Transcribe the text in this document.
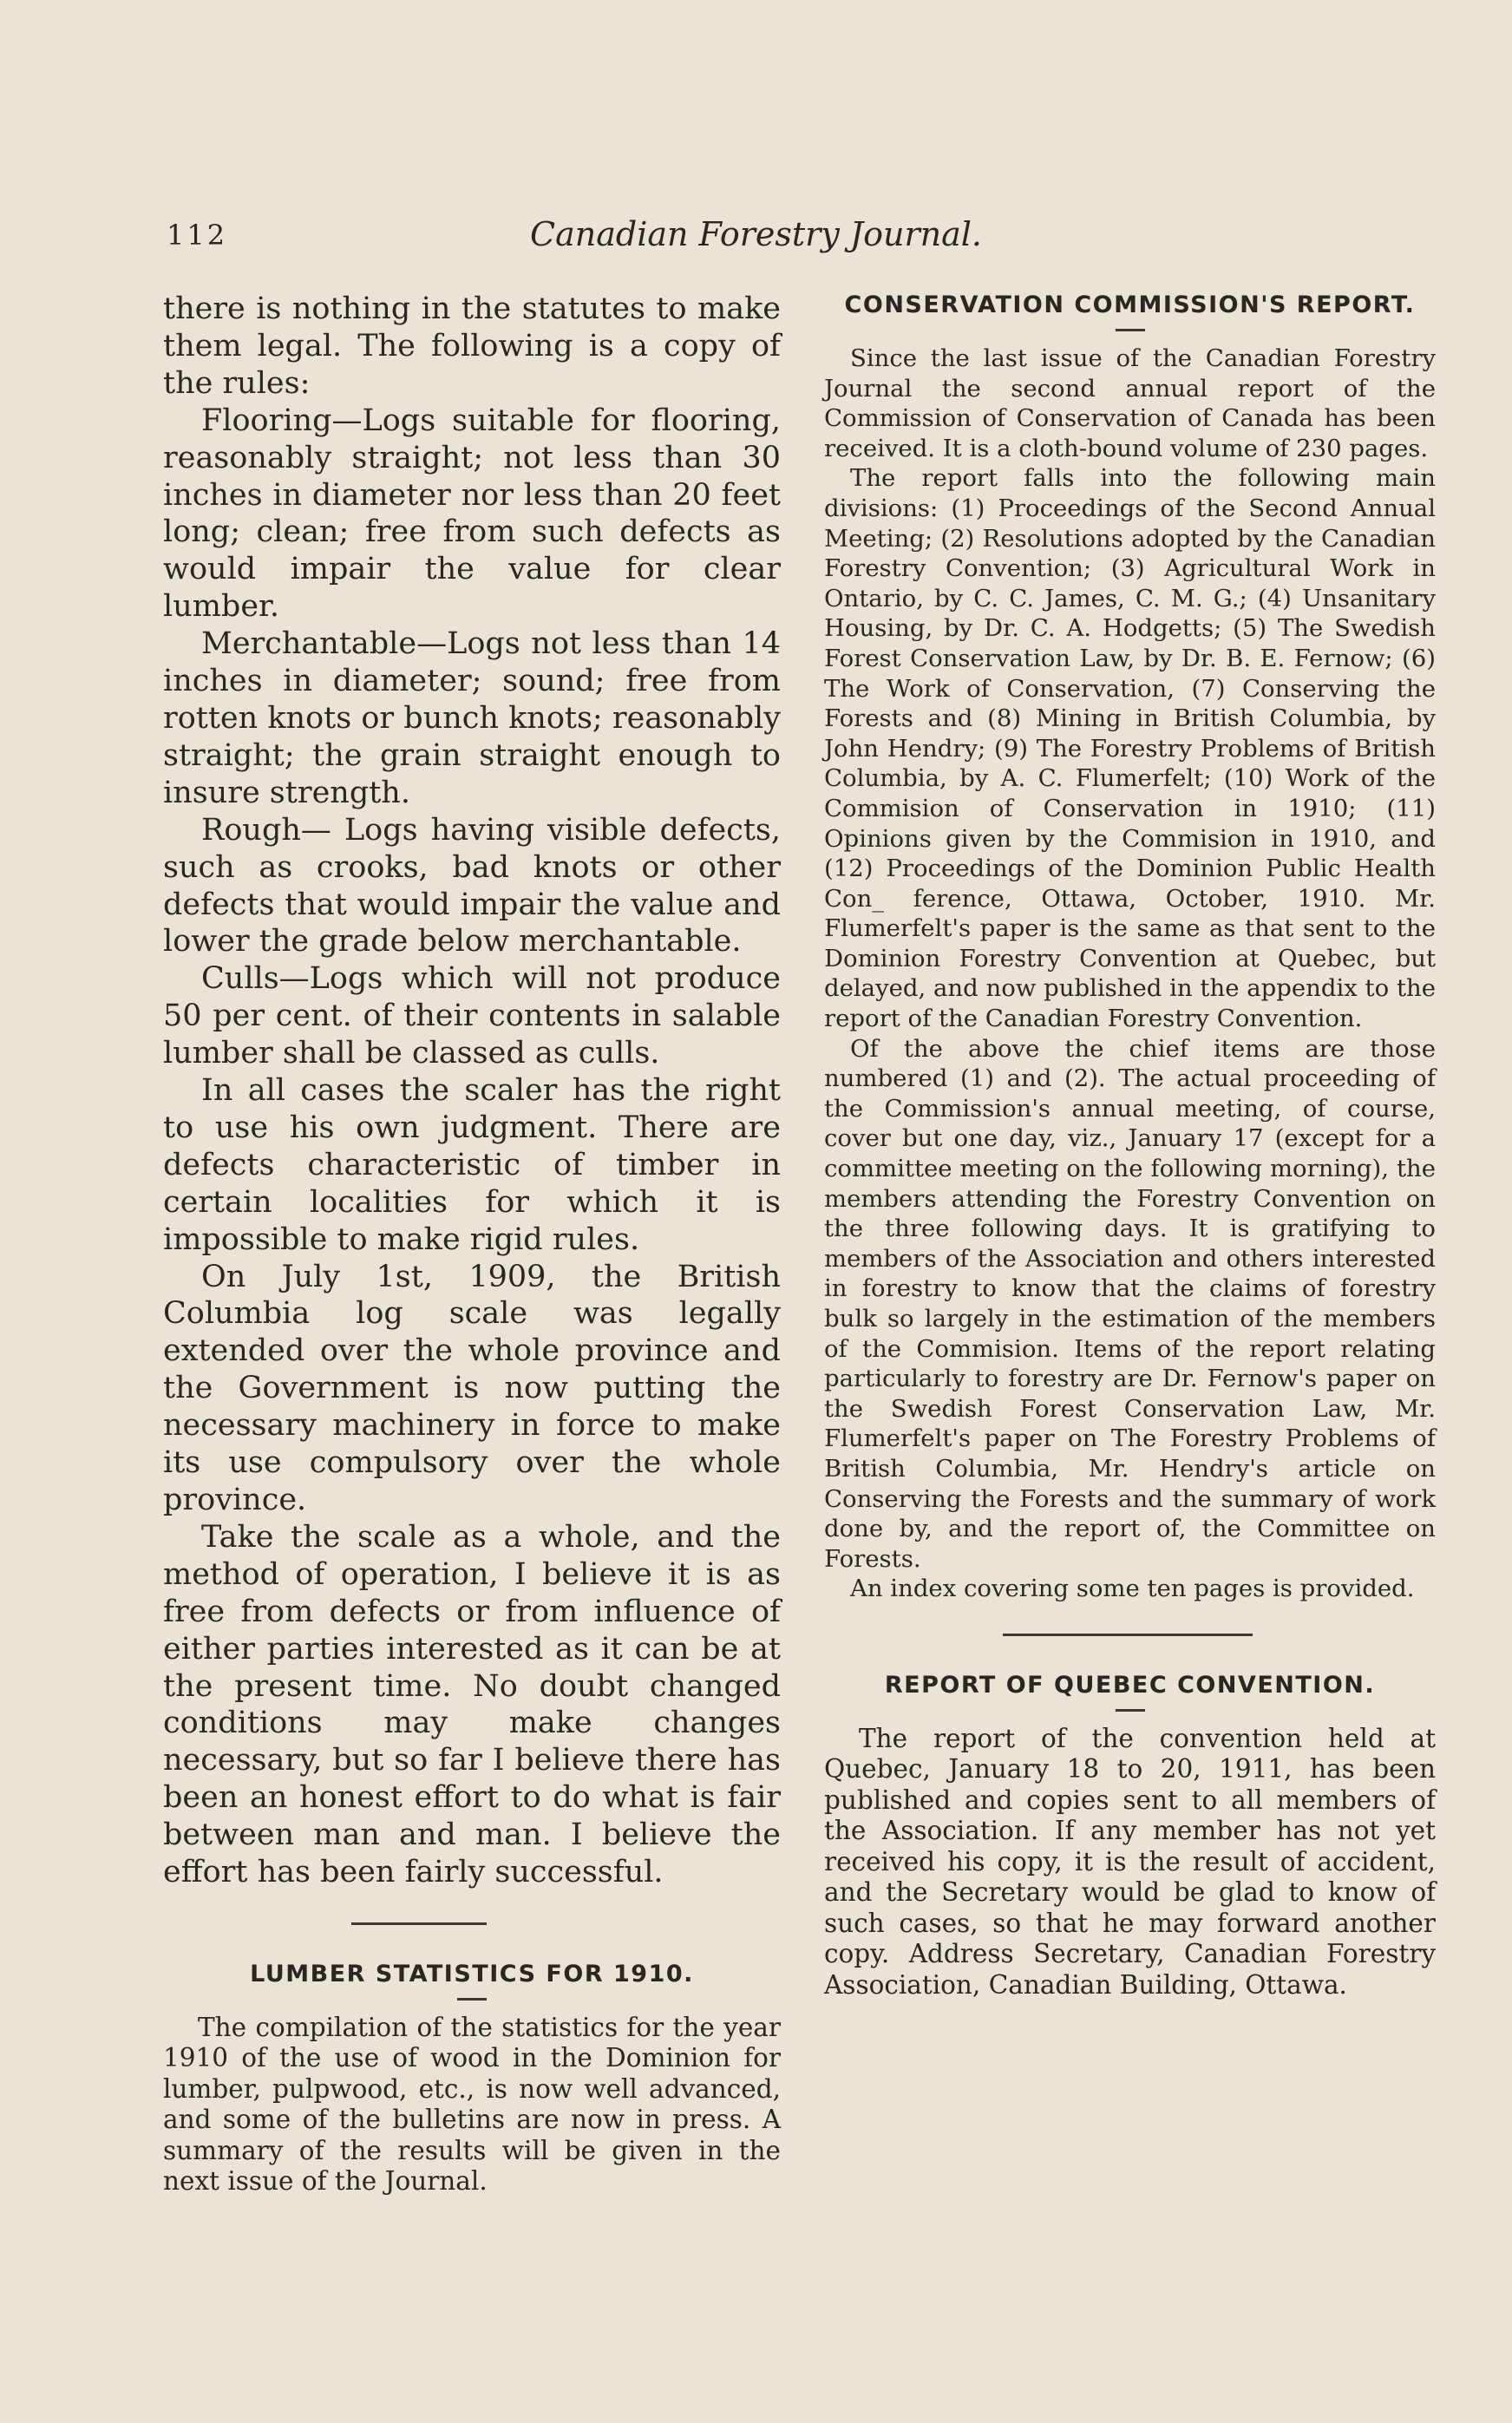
112	Canadian Forestry Journal.

there is nothing in the statutes to make them legal. The following is a copy of the rules:

Flooring—Logs suitable for flooring, reasonably straight; not less than 30 inches in diameter nor less than 20 feet long; clean; free from such defects as would impair the value for clear lumber.

Merchantable—Logs not less than 14 inches in diameter; sound; free from rotten knots or bunch knots; reasonably straight; the grain straight enough to insure strength.

Rough— Logs having visible defects, such as crooks, bad knots or other defects that would impair the value and lower the grade below merchantable.

Culls—Logs which will not produce 50 per cent. of their contents in salable lumber shall be classed as culls.

In all cases the scaler has the right to use his own judgment. There are defects characteristic of timber in certain localities for which it is impossible to make rigid rules.

On July 1st, 1909, the British Columbia log scale was legally extended over the whole province and the Government is now putting the necessary machinery in force to make its use compulsory over the whole province.

Take the scale as a whole, and the method of operation, I believe it is as free from defects or from influence of either parties interested as it can be at the present time. No doubt changed conditions may make changes necessary, but so far I believe there has been an honest effort to do what is fair between man and man. I believe the effort has been fairly successful.

LUMBER STATISTICS FOR 1910.

The compilation of the statistics for the year 1910 of the use of wood in the Dominion for lumber, pulpwood, etc., is now well advanced, and some of the bulletins are now in press. A summary of the results will be given in the next issue of the Journal.

CONSERVATION COMMISSION'S REPORT.

Since the last issue of the Canadian Forestry Journal the second annual report of the Commission of Conservation of Canada has been received. It is a cloth-bound volume of 230 pages.

The report falls into the following main divisions: (1) Proceedings of the Second Annual Meeting; (2) Resolutions adopted by the Canadian Forestry Convention; (3) Agricultural Work in Ontario, by C. C. James, C. M. G.; (4) Unsanitary Housing, by Dr. C. A. Hodgetts; (5) The Swedish Forest Conservation Law, by Dr. B. E. Fernow; (6) The Work of Conservation, (7) Conserving the Forests and (8) Mining in British Columbia, by John Hendry; (9) The Forestry Problems of British Columbia, by A. C. Flumerfelt; (10) Work of the Commision of Conservation in 1910; (11) Opinions given by the Commision in 1910, and (12) Proceedings of the Dominion Public Health Con_ ference, Ottawa, October, 1910. Mr. Flumerfelt's paper is the same as that sent to the Dominion Forestry Convention at Quebec, but delayed, and now published in the appendix to the report of the Canadian Forestry Convention.

Of the above the chief items are those numbered (1) and (2). The actual proceeding of the Commission's annual meeting, of course, cover but one day, viz., January 17 (except for a committee meeting on the following morning), the members attending the Forestry Convention on the three following days. It is gratifying to members of the Association and others interested in forestry to know that the claims of forestry bulk so largely in the estimation of the members of the Commision. Items of the report relating particularly to forestry are Dr. Fernow's paper on the Swedish Forest Conservation Law, Mr. Flumerfelt's paper on The Forestry Problems of British Columbia, Mr. Hendry's article on Conserving the Forests and the summary of work done by, and the report of, the Committee on Forests.

An index covering some ten pages is provided.

REPORT OF QUEBEC CONVENTION.

The report of the convention held at Quebec, January 18 to 20, 1911, has been published and copies sent to all members of the Association. If any member has not yet received his copy, it is the result of accident, and the Secretary would be glad to know of such cases, so that he may forward another copy. Address Secretary, Canadian Forestry Association, Canadian Building, Ottawa.
